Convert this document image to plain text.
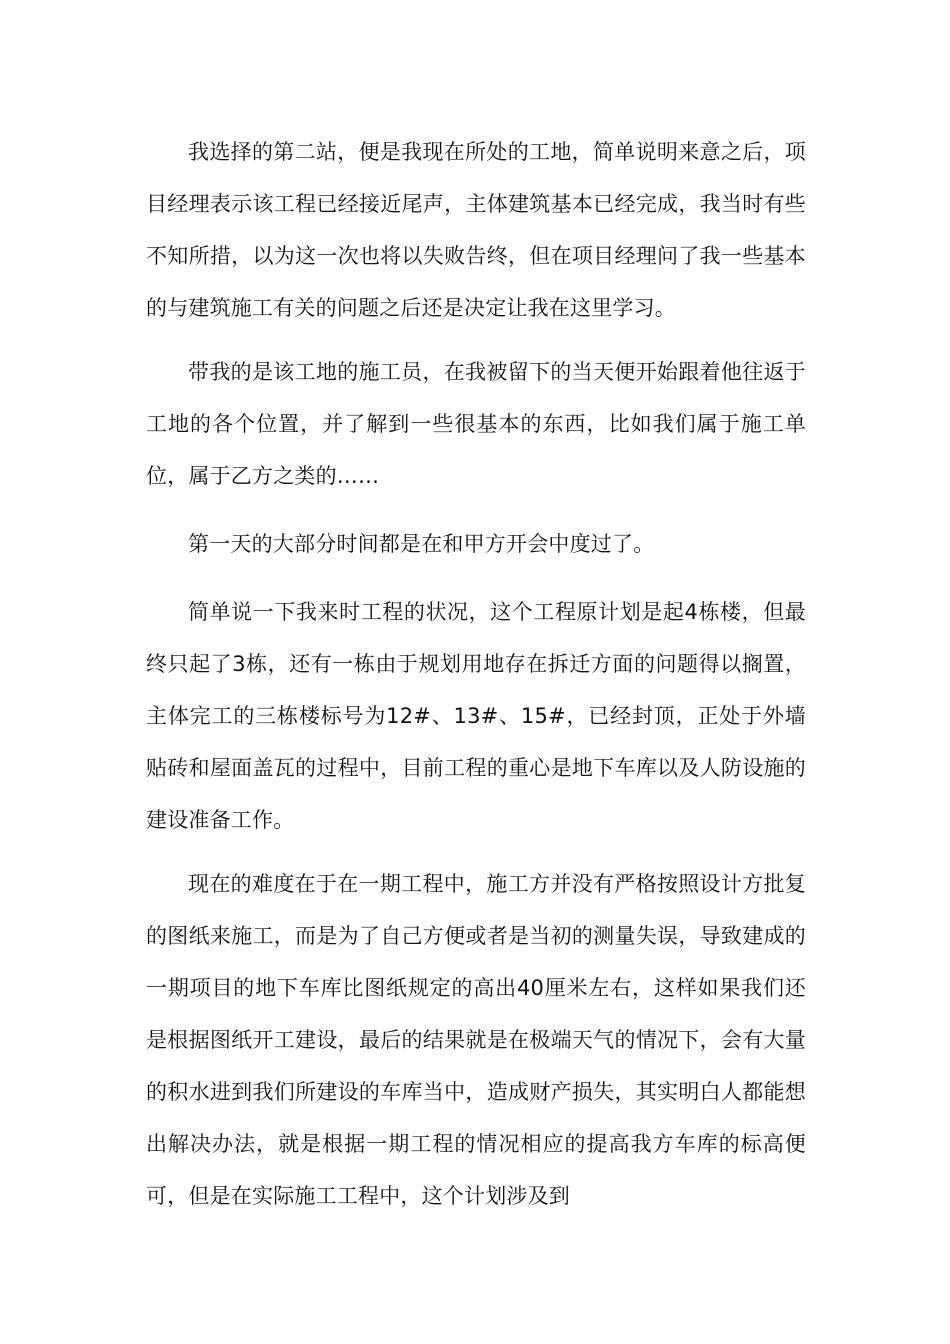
我选择的第二站，便是我现在所处的工地，简单说明来意之后，项目经理表示该工程已经接近尾声，主体建筑基本已经完成，我当时有些不知所措，以为这一次也将以失败告终，但在项目经理问了我一些基本的与建筑施工有关的问题之后还是决定让我在这里学习。

带我的是该工地的施工员，在我被留下的当天便开始跟着他往返于工地的各个位置，并了解到一些很基本的东西，比如我们属于施工单位，属于乙方之类的……

第一天的大部分时间都是在和甲方开会中度过了。

简单说一下我来时工程的状况，这个工程原计划是起4栋楼，但最终只起了3栋，还有一栋由于规划用地存在拆迁方面的问题得以搁置，主体完工的三栋楼标号为12#、13#、15#，已经封顶，正处于外墙贴砖和屋面盖瓦的过程中，目前工程的重心是地下车库以及人防设施的建设准备工作。

现在的难度在于在一期工程中，施工方并没有严格按照设计方批复的图纸来施工，而是为了自己方便或者是当初的测量失误，导致建成的一期项目的地下车库比图纸规定的高出40厘米左右，这样如果我们还是根据图纸开工建设，最后的结果就是在极端天气的情况下，会有大量的积水进到我们所建设的车库当中，造成财产损失，其实明白人都能想出解决办法，就是根据一期工程的情况相应的提高我方车库的标高便可，但是在实际施工工程中，这个计划涉及到
